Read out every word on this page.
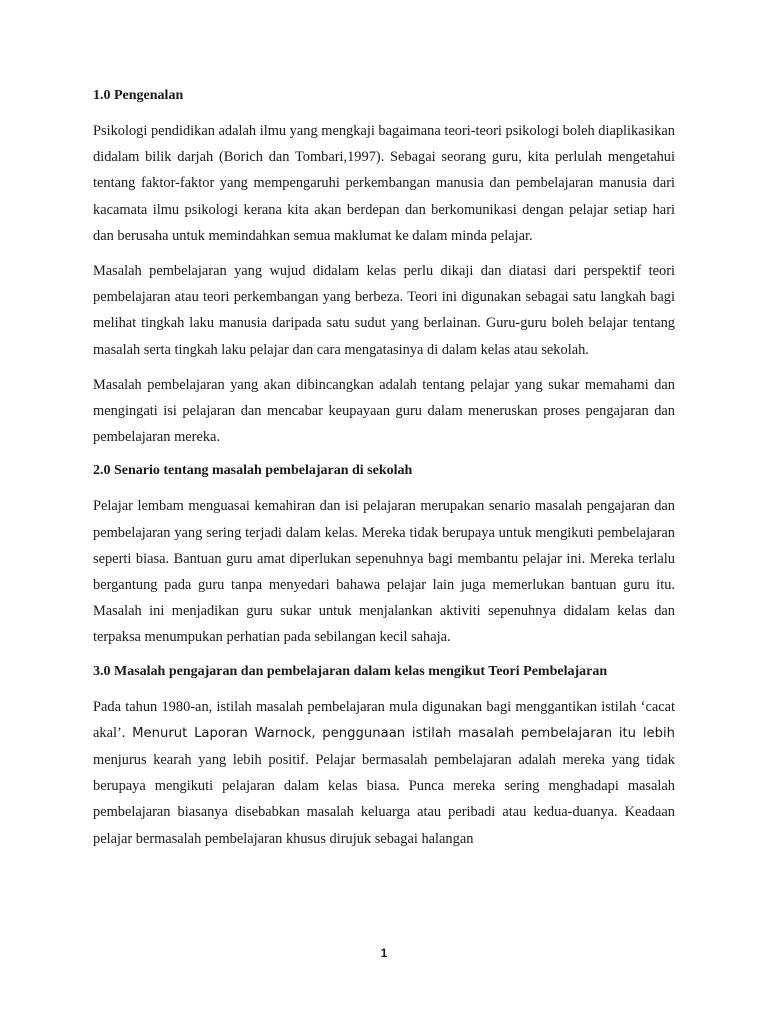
1.0 Pengenalan

Psikologi pendidikan adalah ilmu yang mengkaji bagaimana teori-teori psikologi boleh diaplikasikan didalam bilik darjah (Borich dan Tombari,1997). Sebagai seorang guru, kita perlulah mengetahui tentang faktor-faktor yang mempengaruhi perkembangan manusia dan pembelajaran manusia dari kacamata ilmu psikologi kerana kita akan berdepan dan berkomunikasi dengan pelajar setiap hari dan berusaha untuk memindahkan semua maklumat ke dalam minda pelajar.

Masalah pembelajaran yang wujud didalam kelas perlu dikaji dan diatasi dari perspektif teori pembelajaran atau teori perkembangan yang berbeza. Teori ini digunakan sebagai satu langkah bagi melihat tingkah laku manusia daripada satu sudut yang berlainan. Guru-guru boleh belajar tentang masalah serta tingkah laku pelajar dan cara mengatasinya di dalam kelas atau sekolah.

Masalah pembelajaran yang akan dibincangkan adalah tentang pelajar yang sukar memahami dan mengingati isi pelajaran dan mencabar keupayaan guru dalam meneruskan proses pengajaran dan pembelajaran mereka.

2.0 Senario tentang masalah pembelajaran di sekolah

Pelajar lembam menguasai kemahiran dan isi pelajaran merupakan senario masalah pengajaran dan pembelajaran yang sering terjadi dalam kelas. Mereka tidak berupaya untuk mengikuti pembelajaran seperti biasa. Bantuan guru amat diperlukan sepenuhnya bagi membantu pelajar ini. Mereka terlalu bergantung pada guru tanpa menyedari bahawa pelajar lain juga memerlukan bantuan guru itu. Masalah ini menjadikan guru sukar untuk menjalankan aktiviti sepenuhnya didalam kelas dan terpaksa menumpukan perhatian pada sebilangan kecil sahaja.

3.0 Masalah pengajaran dan pembelajaran dalam kelas mengikut Teori Pembelajaran

Pada tahun 1980-an, istilah masalah pembelajaran mula digunakan bagi menggantikan istilah ‘cacat akal’. Menurut Laporan Warnock, penggunaan istilah masalah pembelajaran itu lebih menjurus kearah yang lebih positif. Pelajar bermasalah pembelajaran adalah mereka yang tidak berupaya mengikuti pelajaran dalam kelas biasa. Punca mereka sering menghadapi masalah pembelajaran biasanya disebabkan masalah keluarga atau peribadi atau kedua-duanya. Keadaan pelajar bermasalah pembelajaran khusus dirujuk sebagai halangan

1
